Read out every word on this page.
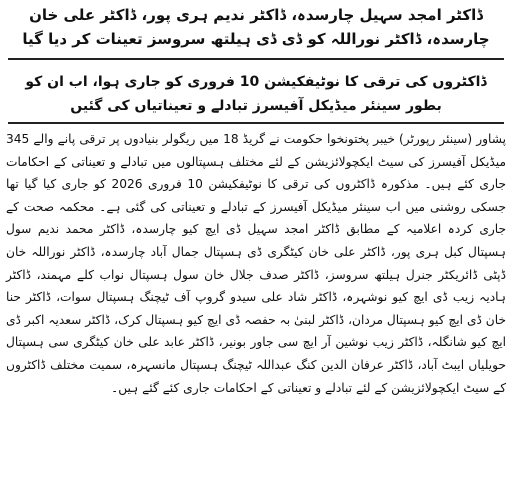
ڈاکٹر امجد سہیل چارسدہ، ڈاکٹر ندیم ہری پور، ڈاکٹر علی خان چارسدہ، ڈاکٹر نوراللہ کو ڈی ڈی ہیلتھ سروسز تعینات کر دیا گیا
ڈاکٹروں کی ترقی کا نوٹیفکیشن 10 فروری کو جاری ہوا، اب ان کو بطور سینئر میڈیکل آفیسرز تبادلے و تعیناتیاں کی گئیں

پشاور (سینئر رپورٹر) خیبر پختونخوا حکومت نے گریڈ 18 میں ریگولر بنیادوں پر ترقی پانے والے 345 میڈیکل آفیسرز کی سیٹ ایکچولائزیشن کے لئے مختلف ہسپتالوں میں تبادلے و تعیناتی کے احکامات جاری کئے ہیں۔ مذکورہ ڈاکٹروں کی ترقی کا نوٹیفکیشن 10 فروری 2026 کو جاری کیا گیا تھا جسکی روشنی میں اب سینئر میڈیکل آفیسرز کے تبادلے و تعیناتی کی گئی ہے۔ محکمہ صحت کے جاری کردہ اعلامیہ کے مطابق ڈاکٹر امجد سہیل ڈی ایچ کیو چارسدہ، ڈاکٹر محمد ندیم سول ہسپتال کبل ہری پور، ڈاکٹر علی خان کیٹگری ڈی ہسپتال جمال آباد چارسدہ، ڈاکٹر نوراللہ خان ڈپٹی ڈائریکٹر جنرل ہیلتھ سروسز، ڈاکٹر صدف جلال خان سول ہسپتال نواب کلے مہمند، ڈاکٹر ہادیہ زیب ڈی ایچ کیو نوشہرہ، ڈاکٹر شاد علی سیدو گروپ آف ٹیچنگ ہسپتال سوات، ڈاکٹر حنا خان ڈی ایچ کیو ہسپتال مردان، ڈاکٹر لبنیٰ بہ حفصہ ڈی ایچ کیو ہسپتال کرک، ڈاکٹر سعدیہ اکبر ڈی ایچ کیو شانگلہ، ڈاکٹر زیب نوشین آر ایچ سی جاور بونیر، ڈاکٹر عابد علی خان کیٹگری سی ہسپتال حویلیاں ایبٹ آباد، ڈاکٹر عرفان الدین کنگ عبداللہ ٹیچنگ ہسپتال مانسہرہ، سمیت مختلف ڈاکٹروں کے سیٹ ایکچولائزیشن کے لئے تبادلے و تعیناتی کے احکامات جاری کئے گئے ہیں۔
